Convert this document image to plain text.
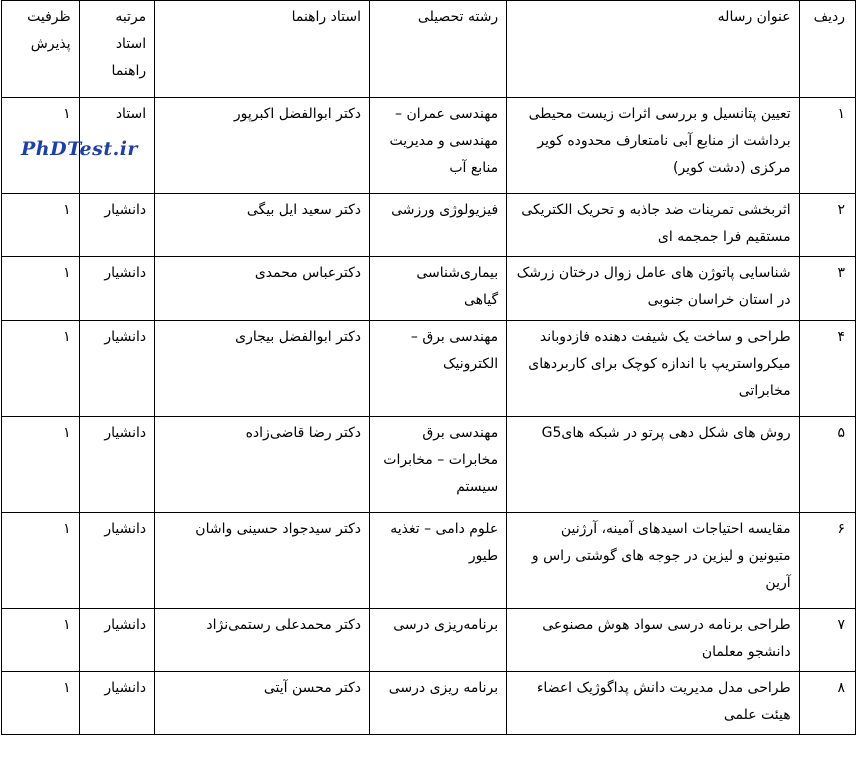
PhDTest.ir
ردیف	عنوان رساله	رشته تحصیلی	استاد راهنما	مرتبه استاد راهنما	ظرفیت پذیرش
۱	تعیین پتانسیل و بررسی اثرات زیست محیطی برداشت از منابع آبی نامتعارف محدوده کویر مرکزی (دشت کویر)	مهندسی عمران – مهندسی و مدیریت منابع آب	دکتر ابوالفضل اکبرپور	استاد	۱
۲	اثربخشی تمرینات ضد جاذبه و تحریک الکتریکی مستقیم فرا جمجمه ای	فیزیولوژی ورزشی	دکتر سعید ایل بیگی	دانشیار	۱
۳	شناسایی پاتوژن های عامل زوال درختان زرشک در استان خراسان جنوبی	بیماری‌شناسی گیاهی	دکترعباس محمدی	دانشیار	۱
۴	طراحی و ساخت یک شیفت دهنده فازدوباند میکرواستریپ با اندازه کوچک برای کاربردهای مخابراتی	مهندسی برق – الکترونیک	دکتر ابوالفضل بیجاری	دانشیار	۱
۵	روش های شکل دهی پرتو در شبکه هایG5	مهندسی برق مخابرات – مخابرات سیستم	دکتر رضا قاضی‌زاده	دانشیار	۱
۶	مقایسه احتیاجات اسیدهای آمینه، آرژنین متیونین و لیزین در جوجه های گوشتی راس و آرین	علوم دامی – تغذیه طیور	دکتر سیدجواد حسینی واشان	دانشیار	۱
۷	طراحی برنامه درسی سواد هوش مصنوعی دانشجو معلمان	برنامه‌ریزی درسی	دکتر محمدعلی رستمی‌نژاد	دانشیار	۱
۸	طراحی مدل مدیریت دانش پداگوژیک اعضاء هیئت علمی	برنامه ریزی درسی	دکتر محسن آیتی	دانشیار	۱
